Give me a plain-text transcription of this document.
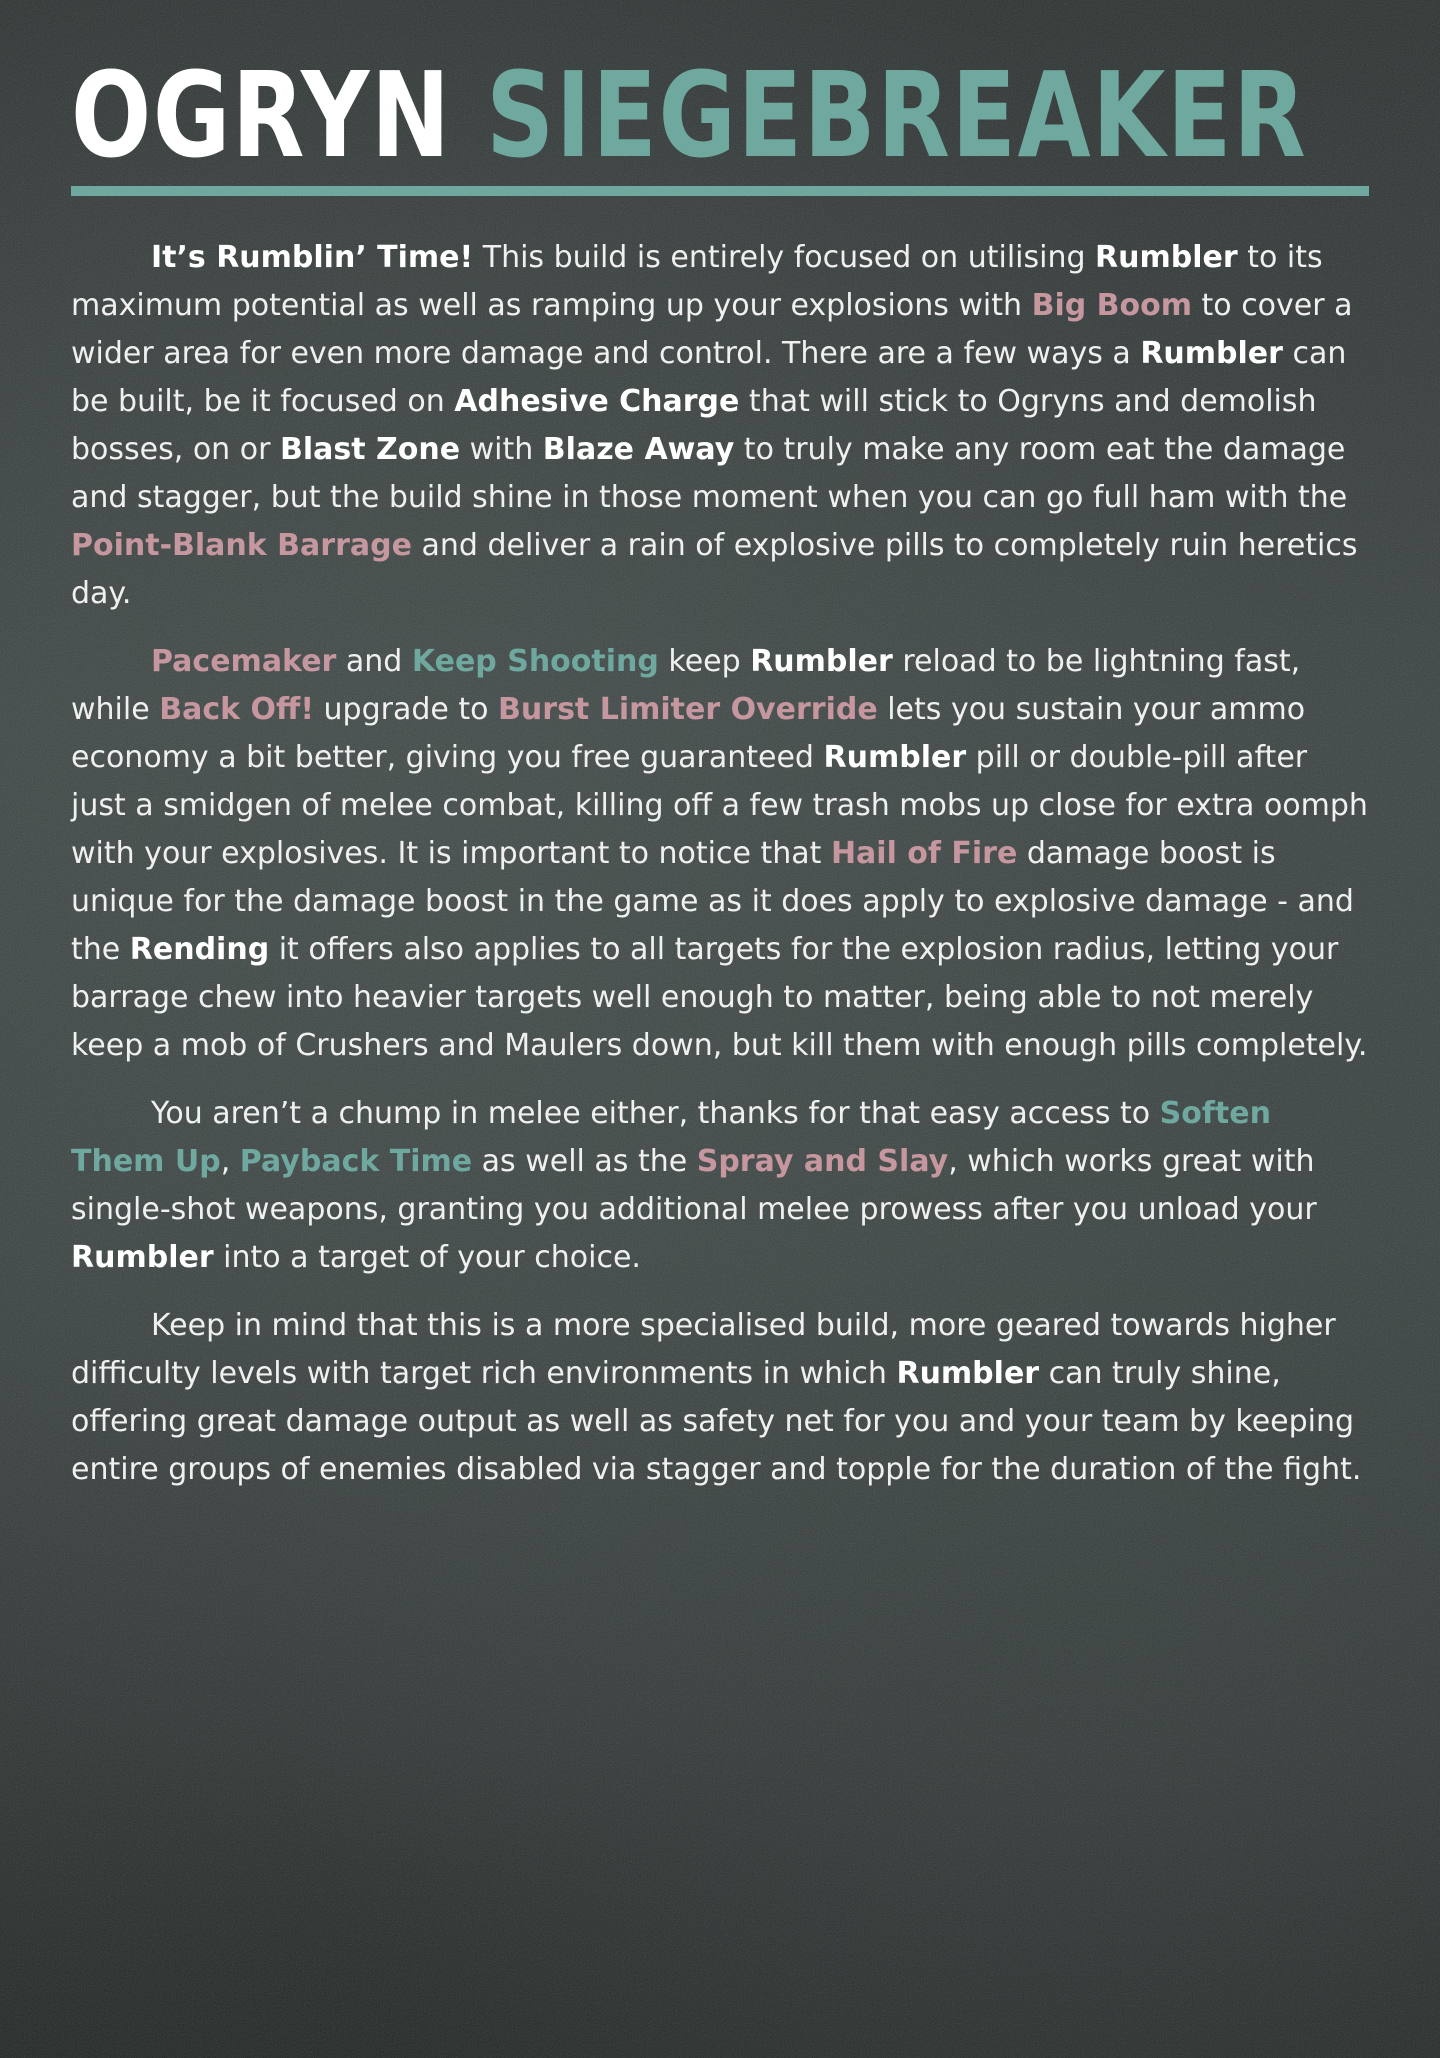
OGRYN SIEGEBREAKER

It’s Rumblin’ Time! This build is entirely focused on utilising Rumbler to its maximum potential as well as ramping up your explosions with Big Boom to cover a wider area for even more damage and control. There are a few ways a Rumbler can be built, be it focused on Adhesive Charge that will stick to Ogryns and demolish bosses, on or Blast Zone with Blaze Away to truly make any room eat the damage and stagger, but the build shine in those moment when you can go full ham with the Point-Blank Barrage and deliver a rain of explosive pills to completely ruin heretics day.

Pacemaker and Keep Shooting keep Rumbler reload to be lightning fast, while Back Off! upgrade to Burst Limiter Override lets you sustain your ammo economy a bit better, giving you free guaranteed Rumbler pill or double-pill after just a smidgen of melee combat, killing off a few trash mobs up close for extra oomph with your explosives. It is important to notice that Hail of Fire damage boost is unique for the damage boost in the game as it does apply to explosive damage - and the Rending it offers also applies to all targets for the explosion radius, letting your barrage chew into heavier targets well enough to matter, being able to not merely keep a mob of Crushers and Maulers down, but kill them with enough pills completely.

You aren’t a chump in melee either, thanks for that easy access to Soften Them Up, Payback Time as well as the Spray and Slay, which works great with single-shot weapons, granting you additional melee prowess after you unload your Rumbler into a target of your choice.

Keep in mind that this is a more specialised build, more geared towards higher difficulty levels with target rich environments in which Rumbler can truly shine, offering great damage output as well as safety net for you and your team by keeping entire groups of enemies disabled via stagger and topple for the duration of the fight.
